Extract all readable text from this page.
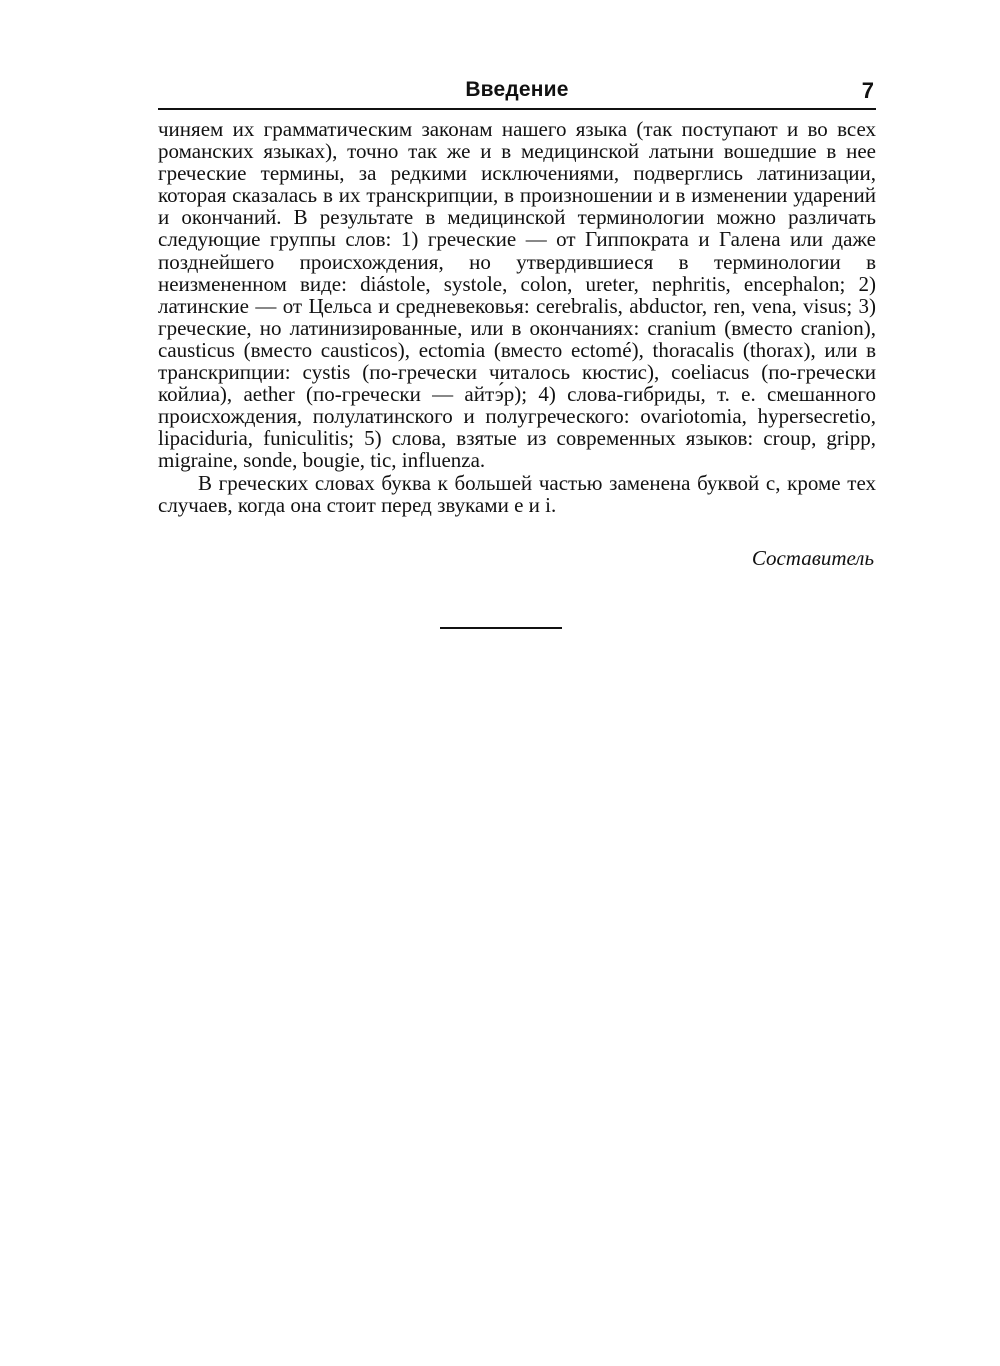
Введение	7
чиняем их грамматическим законам нашего языка (так поступают и во всех романских языках), точно так же и в медицинской латыни вошедшие в нее греческие термины, за редкими исключениями, подверглись латинизации, которая сказалась в их транскрипции, в произношении и в изменении ударений и окончаний. В результате в медицинской терминологии можно различать следующие группы слов: 1) греческие — от Гиппократа и Галена или даже позднейшего происхождения, но утвердившиеся в терминологии в неизмененном виде: diástole, systole, colon, ureter, nephritis, encephalon; 2) латинские — от Цельса и средневековья: cerebralis, abductor, ren, vena, visus; 3) греческие, но латинизированные, или в окончаниях: cranium (вместо cranion), causticus (вместо causticos), ectomia (вместо ectomé), thoracalis (thorax), или в транскрипции: cystis (по-гречески читалось кюстис), coeliacus (по-гречески койлиа), aether (по-гречески — айтэ́р); 4) слова-гибриды, т. е. смешанного происхождения, полулатинского и полугреческого: ovariotomia, hypersecretio, lipaciduria, funiculitis; 5) слова, взятые из современных языков: croup, gripp, migraine, sonde, bougie, tic, influenza.
В греческих словах буква к большей частью заменена буквой c, кроме тех случаев, когда она стоит перед звуками e и i.
Составитель
